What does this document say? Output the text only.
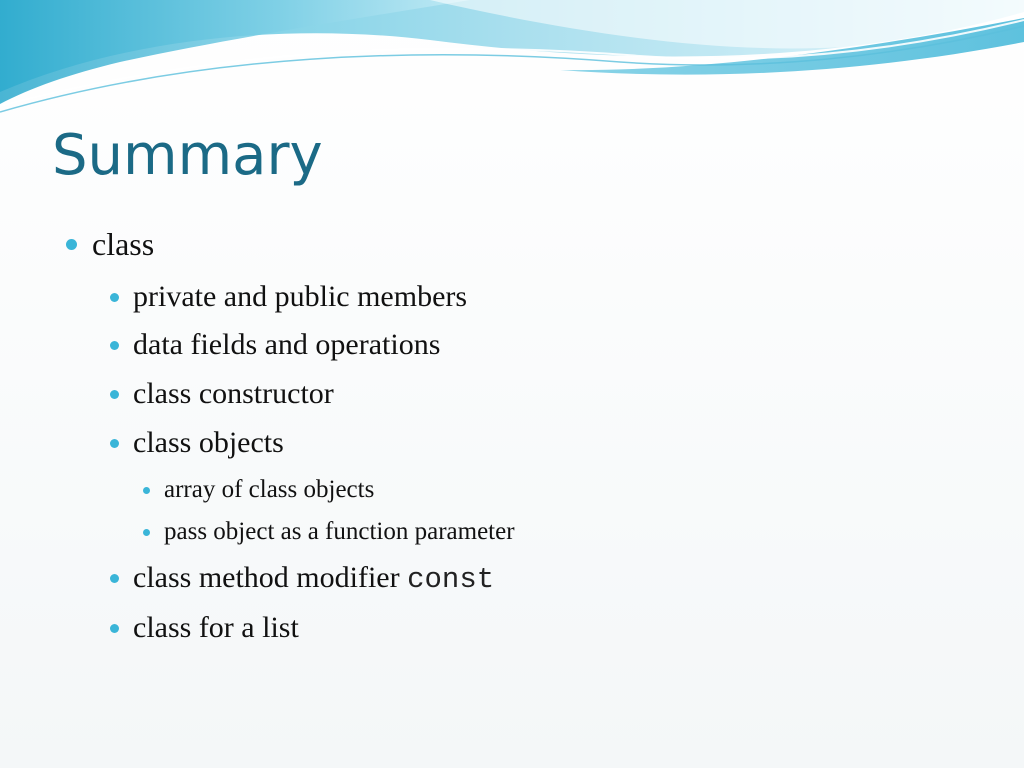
Summary
class
private and public members
data fields and operations
class constructor
class objects
array of class objects
pass object as a function parameter
class method modifier const
class for a list
